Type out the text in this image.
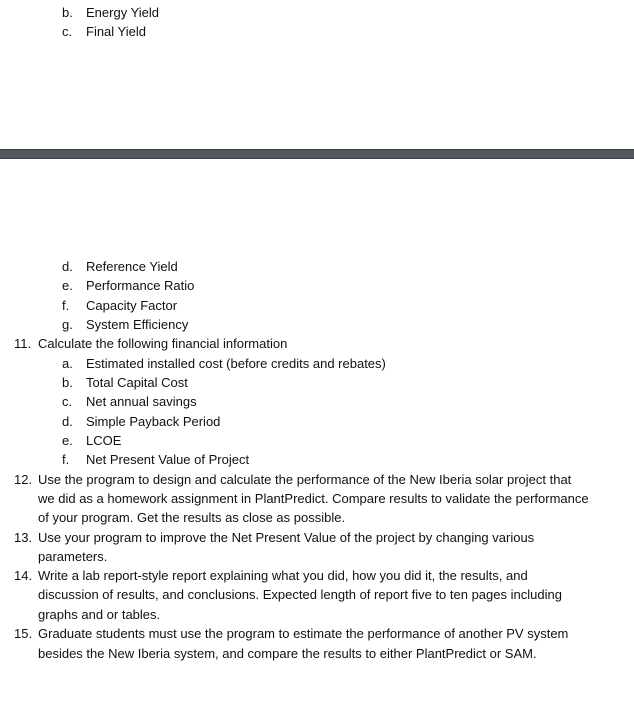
b. Energy Yield
c. Final Yield
d. Reference Yield
e. Performance Ratio
f. Capacity Factor
g. System Efficiency
11. Calculate the following financial information
a. Estimated installed cost (before credits and rebates)
b. Total Capital Cost
c. Net annual savings
d. Simple Payback Period
e. LCOE
f. Net Present Value of Project
12. Use the program to design and calculate the performance of the New Iberia solar project that
we did as a homework assignment in PlantPredict. Compare results to validate the performance
of your program. Get the results as close as possible.
13. Use your program to improve the Net Present Value of the project by changing various
parameters.
14. Write a lab report-style report explaining what you did, how you did it, the results, and
discussion of results, and conclusions. Expected length of report five to ten pages including
graphs and or tables.
15. Graduate students must use the program to estimate the performance of another PV system
besides the New Iberia system, and compare the results to either PlantPredict or SAM.
